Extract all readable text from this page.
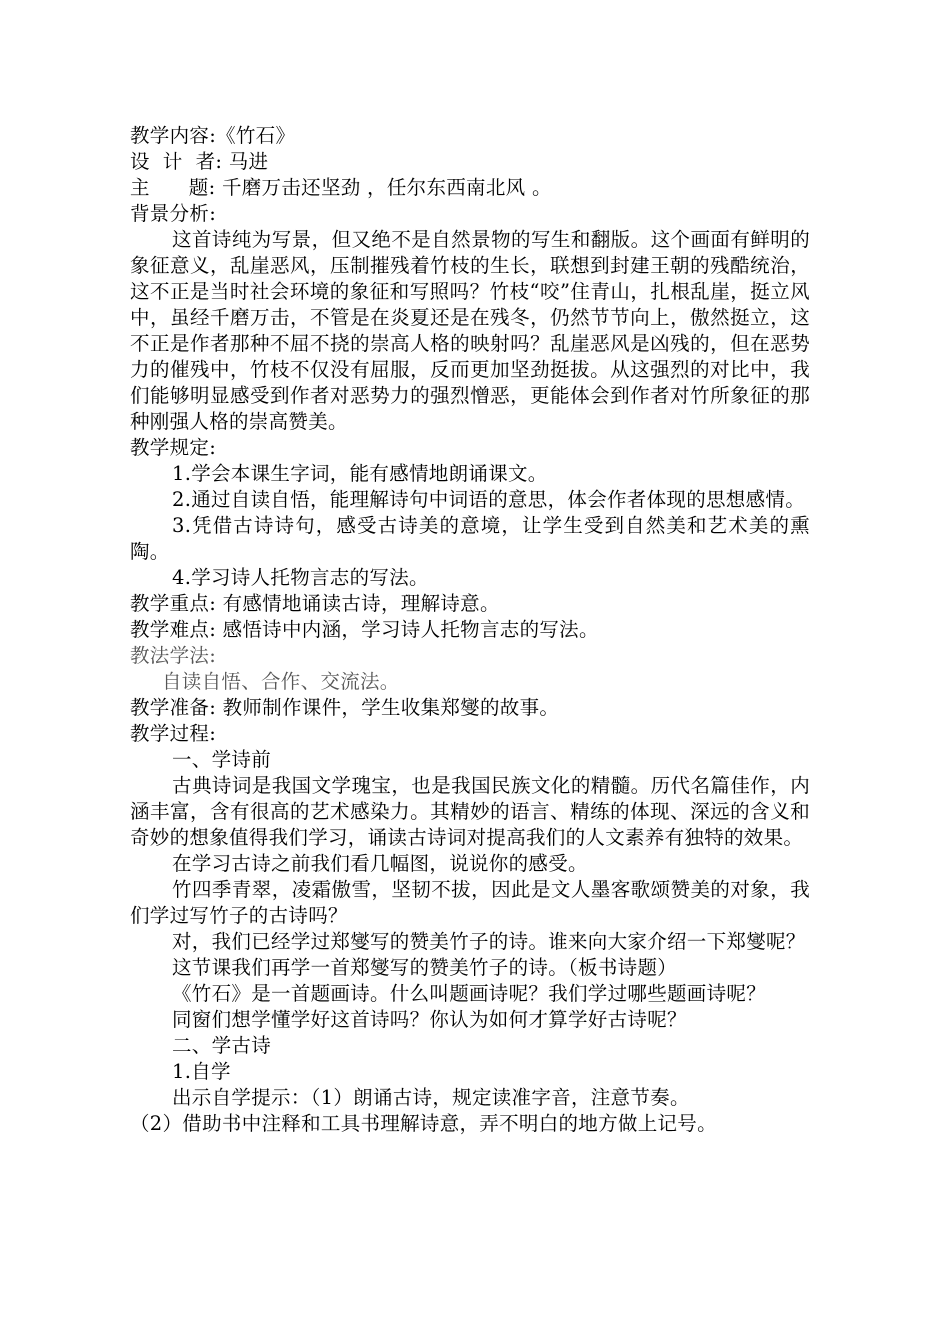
教学内容:《竹石》
设  计  者: 马进
主      题: 千磨万击还坚劲 ，任尔东西南北风 。
背景分析:
这首诗纯为写景，但又绝不是自然景物的写生和翻版。这个画面有鲜明的象征意义，乱崖恶风，压制摧残着竹枝的生长，联想到封建王朝的残酷统治，这不正是当时社会环境的象征和写照吗？竹枝“咬”住青山，扎根乱崖，挺立风中，虽经千磨万击，不管是在炎夏还是在残冬，仍然节节向上，傲然挺立，这不正是作者那种不屈不挠的崇高人格的映射吗？乱崖恶风是凶残的，但在恶势力的催残中，竹枝不仅没有屈服，反而更加坚劲挺拔。从这强烈的对比中，我们能够明显感受到作者对恶势力的强烈憎恶，更能体会到作者对竹所象征的那种刚强人格的崇高赞美。
教学规定:
1.学会本课生字词，能有感情地朗诵课文。
2.通过自读自悟，能理解诗句中词语的意思，体会作者体现的思想感情。
3.凭借古诗诗句，感受古诗美的意境，让学生受到自然美和艺术美的熏陶。
4.学习诗人托物言志的写法。
教学重点: 有感情地诵读古诗，理解诗意。
教学难点: 感悟诗中内涵，学习诗人托物言志的写法。
教法学法:
自读自悟、合作、交流法。
教学准备: 教师制作课件，学生收集郑燮的故事。
教学过程:
一、学诗前
古典诗词是我国文学瑰宝，也是我国民族文化的精髓。历代名篇佳作，内涵丰富，含有很高的艺术感染力。其精妙的语言、精练的体现、深远的含义和奇妙的想象值得我们学习，诵读古诗词对提高我们的人文素养有独特的效果。
在学习古诗之前我们看几幅图，说说你的感受。
竹四季青翠，凌霜傲雪，坚韧不拔，因此是文人墨客歌颂赞美的对象，我们学过写竹子的古诗吗？
对，我们已经学过郑燮写的赞美竹子的诗。谁来向大家介绍一下郑燮呢？
这节课我们再学一首郑燮写的赞美竹子的诗。（板书诗题）
《竹石》是一首题画诗。什么叫题画诗呢？我们学过哪些题画诗呢？
同窗们想学懂学好这首诗吗？你认为如何才算学好古诗呢？
二、学古诗
1.自学
出示自学提示：（1）朗诵古诗，规定读准字音，注意节奏。
（2）借助书中注释和工具书理解诗意，弄不明白的地方做上记号。
